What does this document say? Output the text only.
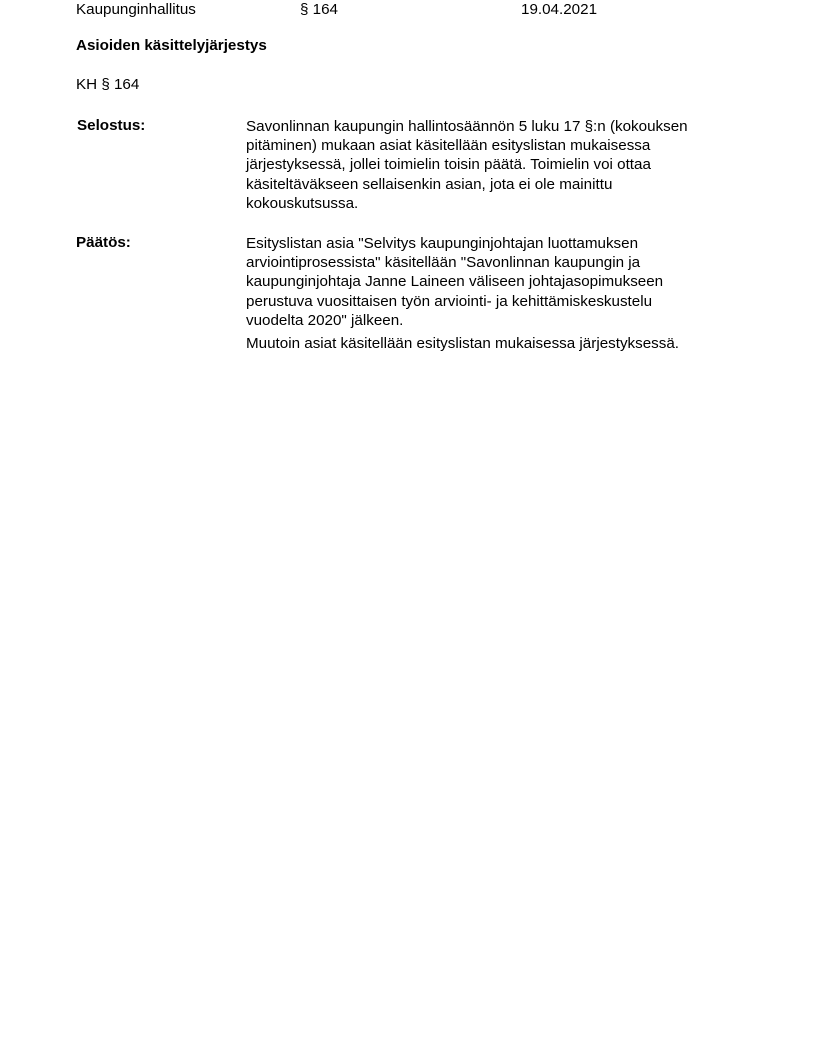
Kaupunginhallitus	§ 164	19.04.2021
Asioiden käsittelyjärjestys
KH § 164
Selostus:	Savonlinnan kaupungin hallintosäännön 5 luku 17 §:n (kokouksen
pitäminen) mukaan asiat käsitellään esityslistan mukaisessa
järjestyksessä, jollei toimielin toisin päätä. Toimielin voi ottaa
käsiteltäväkseen sellaisenkin asian, jota ei ole mainittu
kokouskutsussa.

Päätös:	Esityslistan asia "Selvitys kaupunginjohtajan luottamuksen
arviointiprosessista" käsitellään "Savonlinnan kaupungin ja
kaupunginjohtaja Janne Laineen väliseen johtajasopimukseen
perustuva vuosittaisen työn arviointi- ja kehittämiskeskustelu
vuodelta 2020" jälkeen.

Muutoin asiat käsitellään esityslistan mukaisessa järjestyksessä.
